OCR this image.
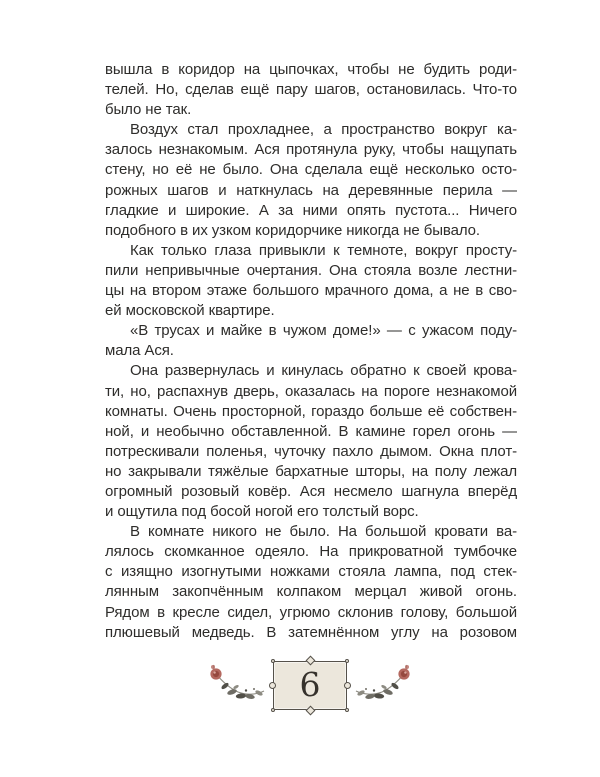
вышла в коридор на цыпочках, чтобы не будить роди-
телей. Но, сделав ещё пару шагов, остановилась. Что-то
было не так.
Воздух стал прохладнее, а пространство вокруг ка-
залось незнакомым. Ася протянула руку, чтобы нащупать
стену, но её не было. Она сделала ещё несколько осто-
рожных шагов и наткнулась на деревянные перила —
гладкие и широкие. А за ними опять пустота... Ничего
подобного в их узком коридорчике никогда не бывало.
Как только глаза привыкли к темноте, вокруг просту-
пили непривычные очертания. Она стояла возле лестни-
цы на втором этаже большого мрачного дома, а не в сво-
ей московской квартире.
«В трусах и майке в чужом доме!» — с ужасом поду-
мала Ася.
Она развернулась и кинулась обратно к своей крова-
ти, но, распахнув дверь, оказалась на пороге незнакомой
комнаты. Очень просторной, гораздо больше её собствен-
ной, и необычно обставленной. В камине горел огонь —
потрескивали поленья, чуточку пахло дымом. Окна плот-
но закрывали тяжёлые бархатные шторы, на полу лежал
огромный розовый ковёр. Ася несмело шагнула вперёд
и ощутила под босой ногой его толстый ворс.
В комнате никого не было. На большой кровати ва-
лялось скомканное одеяло. На прикроватной тумбочке
с изящно изогнутыми ножками стояла лампа, под стек-
лянным закопчённым колпаком мерцал живой огонь.
Рядом в кресле сидел, угрюмо склонив голову, большой
плюшевый медведь. В затемнённом углу на розовом
6
